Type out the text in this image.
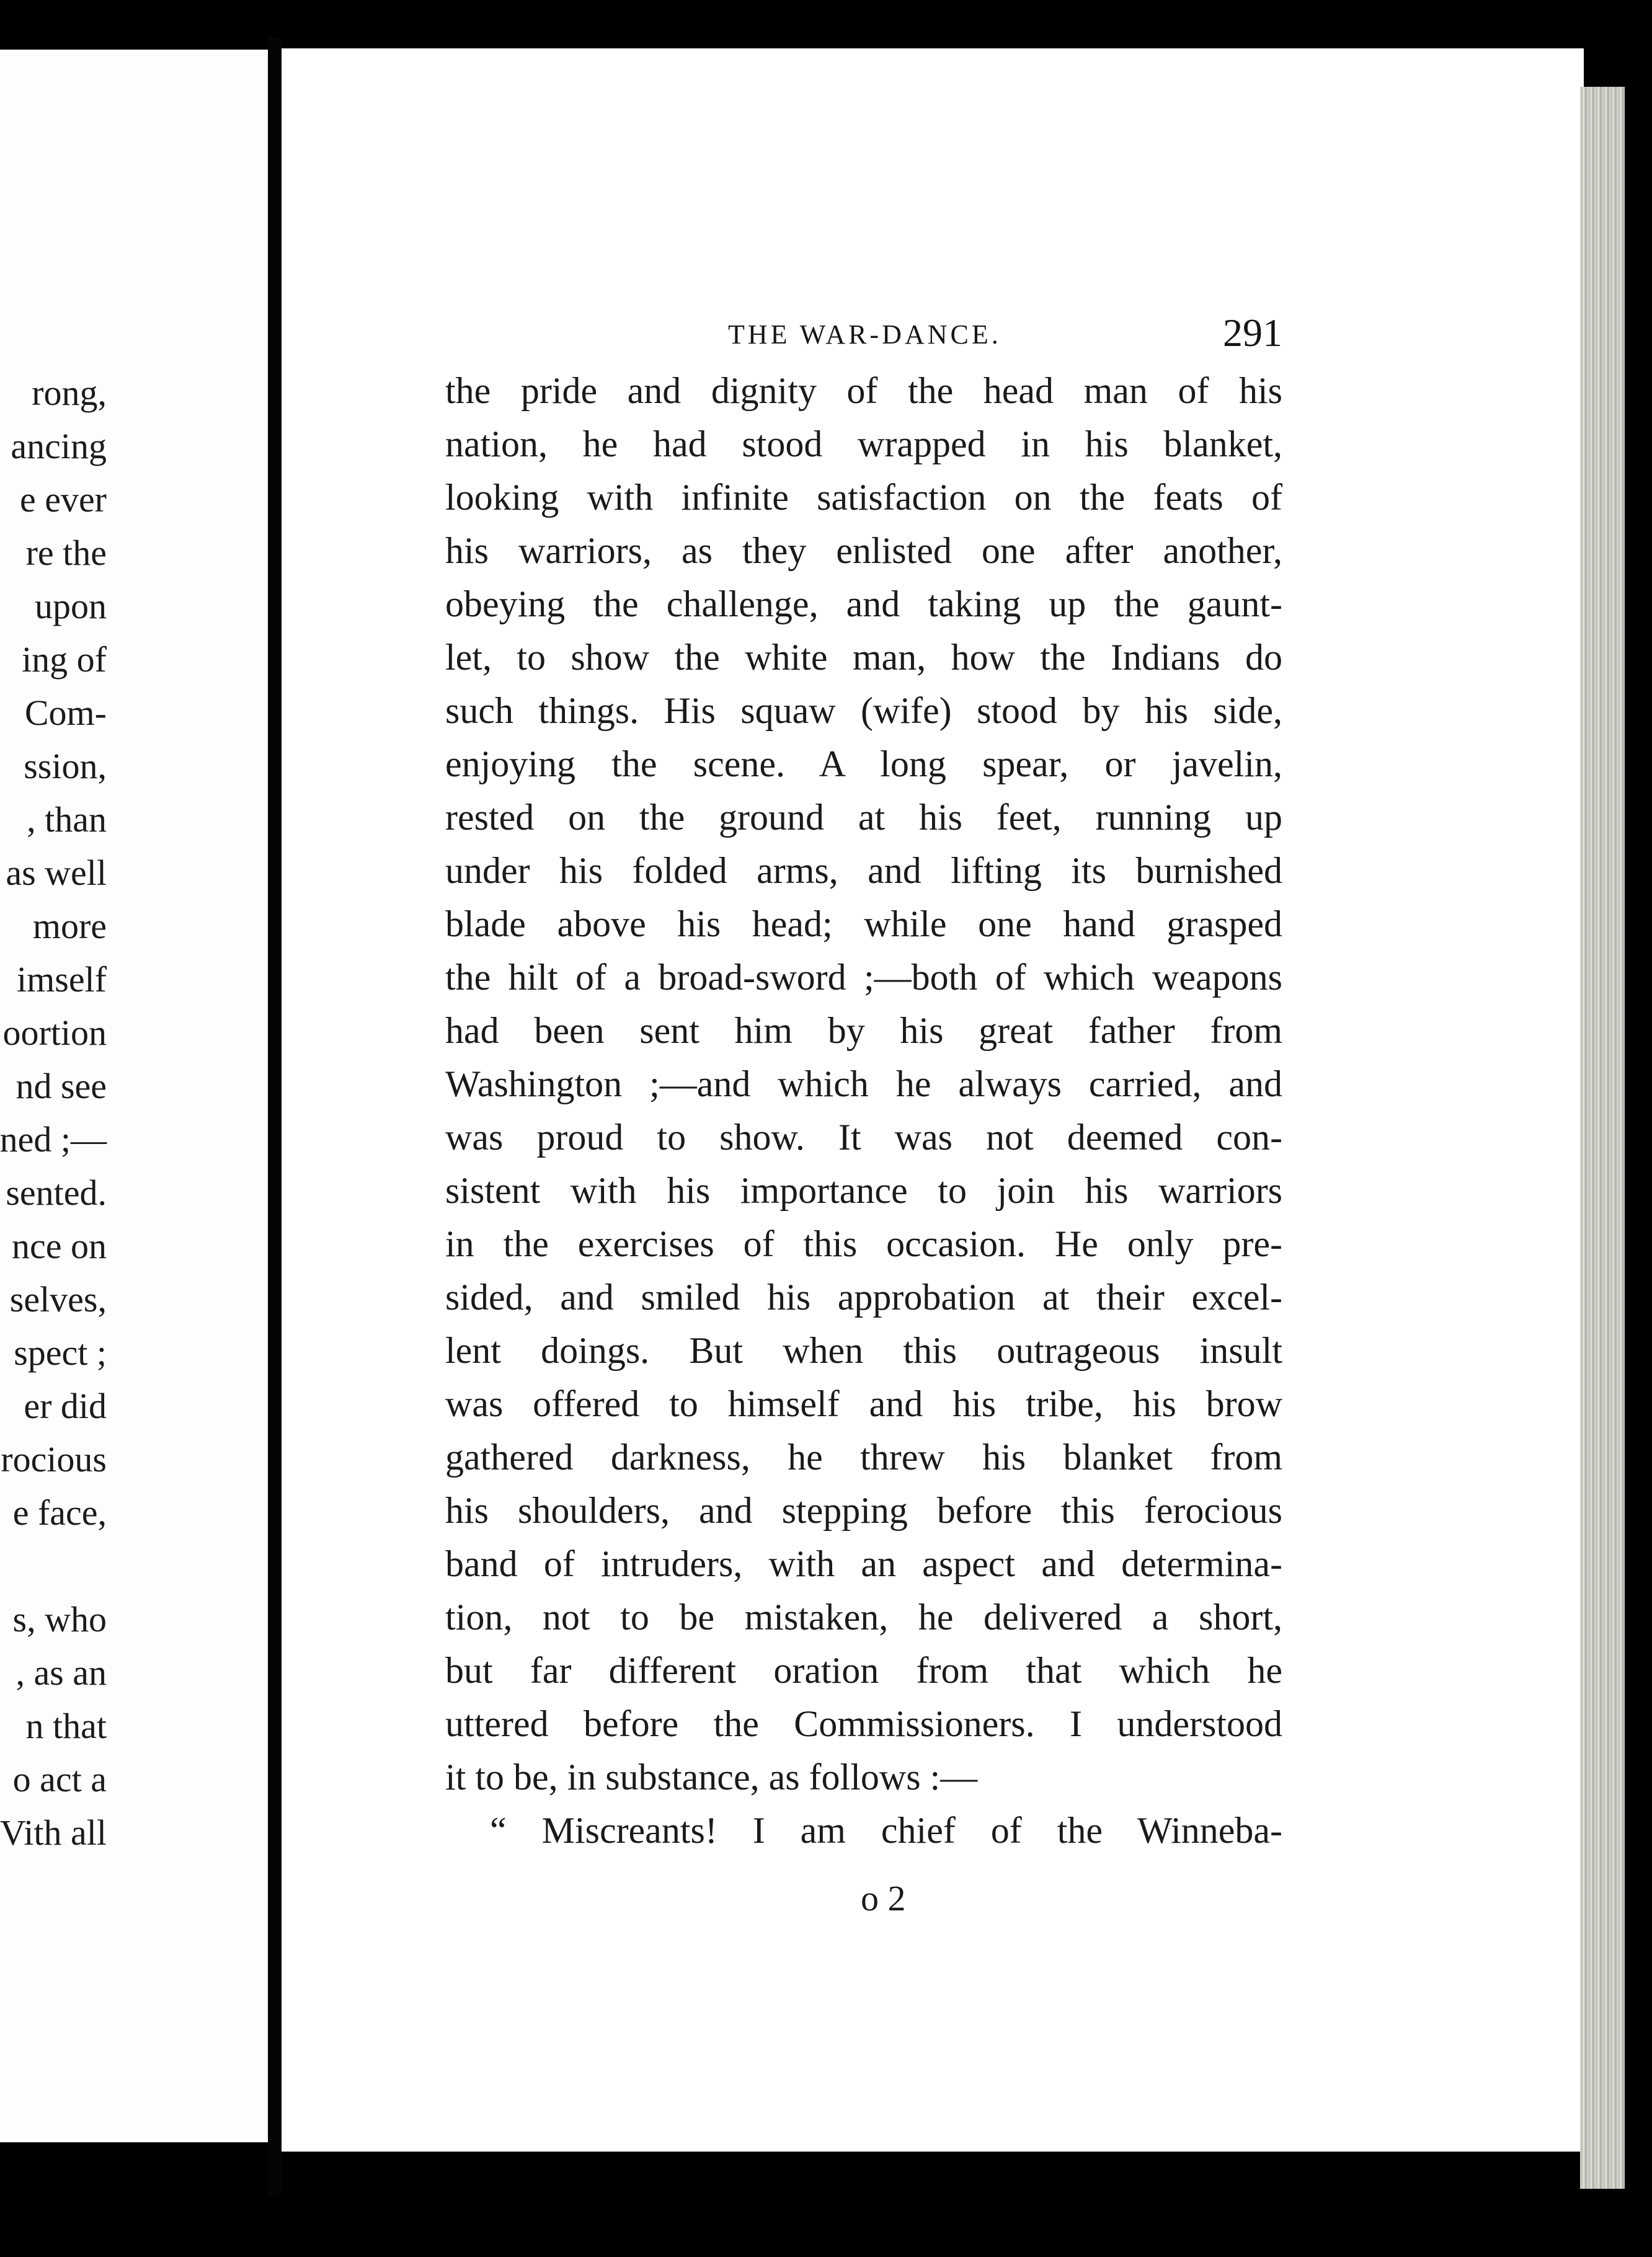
rong,
ancing
e ever
re the
upon
ing of
Com-
ssion,
, than
as well
more
imself
oortion
nd see
ned ;—
sented.
nce on
selves,
spect ;
er did
rocious
e face,
s, who
, as an
n that
o act a
Vith all
THE WAR-DANCE.	291
the pride and dignity of the head man of his
nation, he had stood wrapped in his blanket,
looking with infinite satisfaction on the feats of
his warriors, as they enlisted one after another,
obeying the challenge, and taking up the gaunt-
let, to show the white man, how the Indians do
such things. His squaw (wife) stood by his side,
enjoying the scene. A long spear, or javelin,
rested on the ground at his feet, running up
under his folded arms, and lifting its burnished
blade above his head; while one hand grasped
the hilt of a broad-sword ;—both of which weapons
had been sent him by his great father from
Washington ;—and which he always carried, and
was proud to show. It was not deemed con-
sistent with his importance to join his warriors
in the exercises of this occasion. He only pre-
sided, and smiled his approbation at their excel-
lent doings. But when this outrageous insult
was offered to himself and his tribe, his brow
gathered darkness, he threw his blanket from
his shoulders, and stepping before this ferocious
band of intruders, with an aspect and determina-
tion, not to be mistaken, he delivered a short,
but far different oration from that which he
uttered before the Commissioners. I understood
it to be, in substance, as follows :—
“ Miscreants! I am chief of the Winneba-
o 2
